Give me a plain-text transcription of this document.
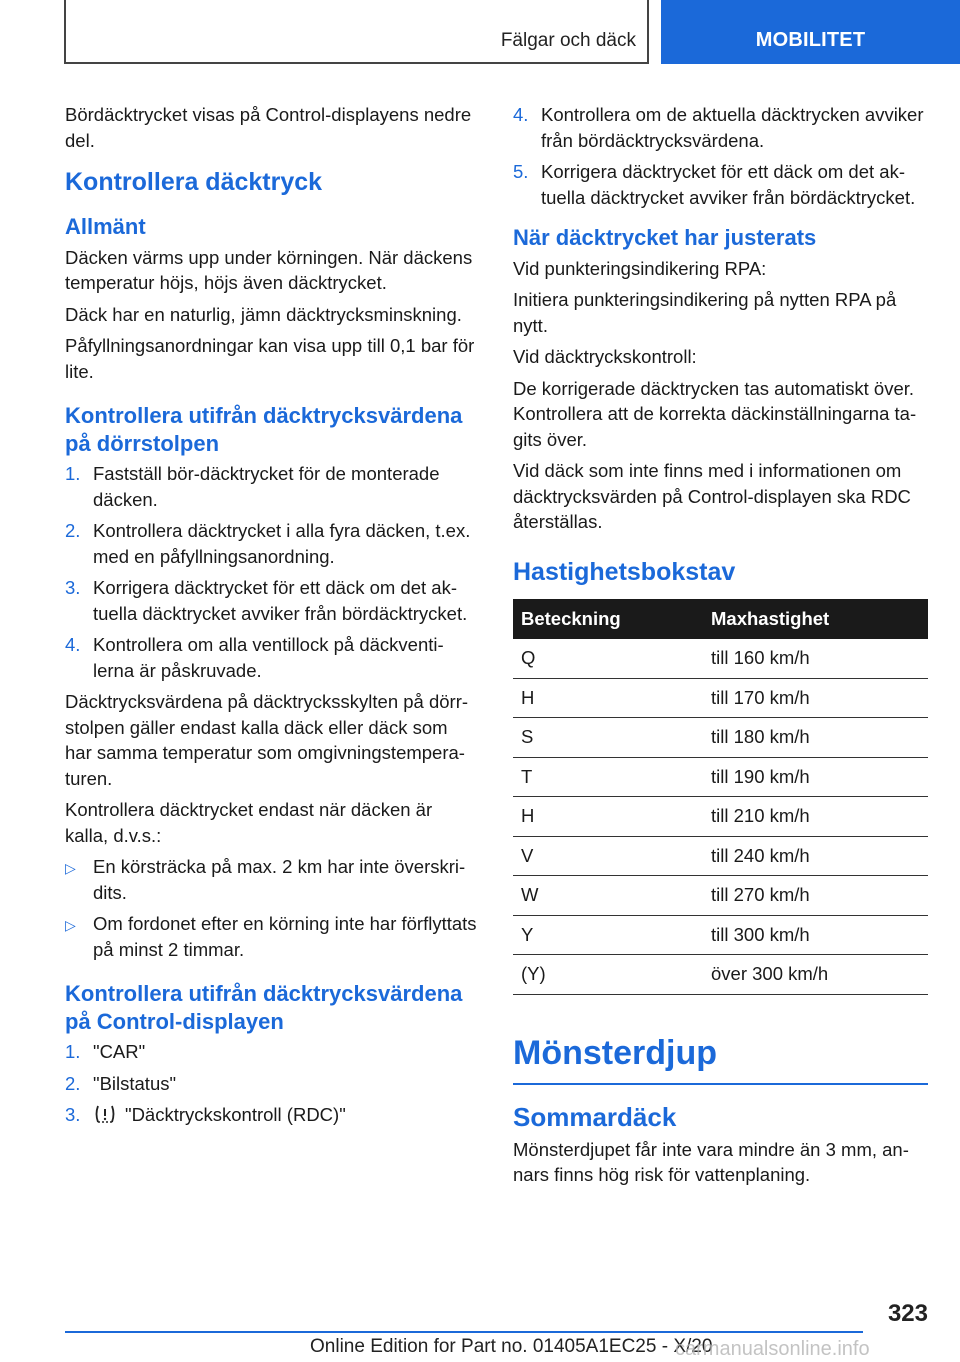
Fälgar och däck	MOBILITET

Bördäcktrycket visas på Control-displayens nedre del.

Kontrollera däcktryck
Allmänt

Däcken värms upp under körningen. När däckens temperatur höjs, höjs även däcktrycket.

Däck har en naturlig, jämn däcktrycksminskning.

Påfyllningsanordningar kan visa upp till 0,1 bar för lite.

Kontrollera utifrån däcktrycksvärdena på dörrstolpen
1. Fastställ bör-däcktrycket för de monterade däcken.
2. Kontrollera däcktrycket i alla fyra däcken, t.ex. med en påfyllningsanordning.
3. Korrigera däcktrycket för ett däck om det aktuella däcktrycket avviker från bördäcktrycket.
4. Kontrollera om alla ventillock på däckventilerna är påskruvade.

Däcktrycksvärdena på däcktrycksskylten på dörrstolpen gäller endast kalla däck eller däck som har samma temperatur som omgivningstemperaturen.

Kontrollera däcktrycket endast när däcken är kalla, d.v.s.:

▷ En körsträcka på max. 2 km har inte överskridits.
▷ Om fordonet efter en körning inte har förflyttats på minst 2 timmar.
Kontrollera utifrån däcktrycksvärdena på Control-displayen
1. "CAR"
2. "Bilstatus"
3.	"Däcktryckskontroll (RDC)"
4. Kontrollera om de aktuella däcktrycken avviker från bördäcktrycksvärdena.
5. Korrigera däcktrycket för ett däck om det aktuella däcktrycket avviker från bördäcktrycket.
När däcktrycket har justerats

Vid punkteringsindikering RPA:

Initiera punkteringsindikering på nytten RPA på nytt.

Vid däcktryckskontroll:

De korrigerade däcktrycken tas automatiskt över. Kontrollera att de korrekta däckinställningarna tagits över.

Vid däck som inte finns med i informationen om däcktrycksvärden på Control-displayen ska RDC återställas.

Hastighetsbokstav
Beteckning	Maxhastighet
Q	till 160 km/h
H	till 170 km/h
S	till 180 km/h
T	till 190 km/h
H	till 210 km/h
V	till 240 km/h
W	till 270 km/h
Y	till 300 km/h
(Y)	över 300 km/h
Mönsterdjup
Sommardäck

Mönsterdjupet får inte vara mindre än 3 mm, annars finns hög risk för vattenplaning.

323
Online Edition for Part no. 01405A1EC25 - X/20
carmanualsonline.info
